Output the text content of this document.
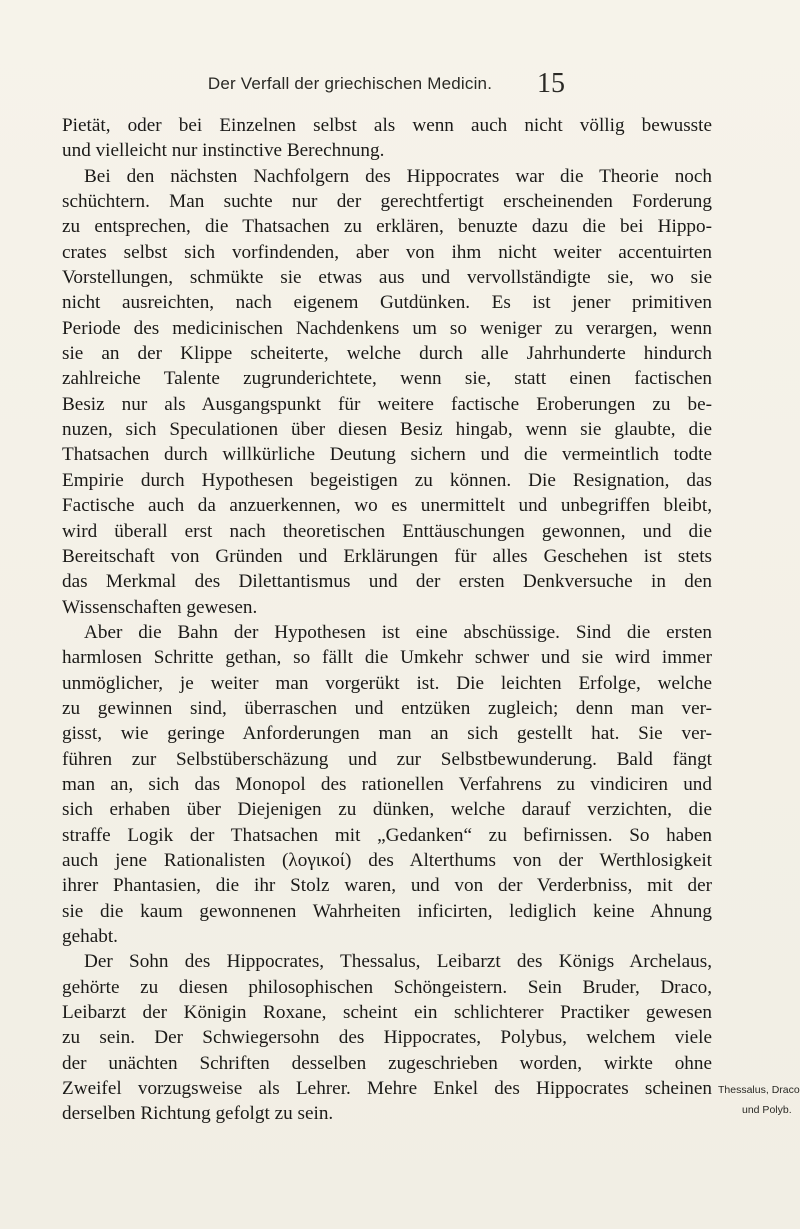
Der Verfall der griechischen Medicin. 15
Pietät, oder bei Einzelnen selbst als wenn auch nicht völlig bewusste
und vielleicht nur instinctive Berechnung.
Bei den nächsten Nachfolgern des Hippocrates war die Theorie noch
schüchtern. Man suchte nur der gerechtfertigt erscheinenden Forderung
zu entsprechen, die Thatsachen zu erklären, benuzte dazu die bei Hippo-
crates selbst sich vorfindenden, aber von ihm nicht weiter accentuirten
Vorstellungen, schmükte sie etwas aus und vervollständigte sie, wo sie
nicht ausreichten, nach eigenem Gutdünken. Es ist jener primitiven
Periode des medicinischen Nachdenkens um so weniger zu verargen, wenn
sie an der Klippe scheiterte, welche durch alle Jahrhunderte hindurch
zahlreiche Talente zugrunderichtete, wenn sie, statt einen factischen
Besiz nur als Ausgangspunkt für weitere factische Eroberungen zu be-
nuzen, sich Speculationen über diesen Besiz hingab, wenn sie glaubte, die
Thatsachen durch willkürliche Deutung sichern und die vermeintlich todte
Empirie durch Hypothesen begeistigen zu können. Die Resignation, das
Factische auch da anzuerkennen, wo es unermittelt und unbegriffen bleibt,
wird überall erst nach theoretischen Enttäuschungen gewonnen, und die
Bereitschaft von Gründen und Erklärungen für alles Geschehen ist stets
das Merkmal des Dilettantismus und der ersten Denkversuche in den
Wissenschaften gewesen.
Aber die Bahn der Hypothesen ist eine abschüssige. Sind die ersten
harmlosen Schritte gethan, so fällt die Umkehr schwer und sie wird immer
unmöglicher, je weiter man vorgerükt ist. Die leichten Erfolge, welche
zu gewinnen sind, überraschen und entzüken zugleich; denn man ver-
gisst, wie geringe Anforderungen man an sich gestellt hat. Sie ver-
führen zur Selbstüberschäzung und zur Selbstbewunderung. Bald fängt
man an, sich das Monopol des rationellen Verfahrens zu vindiciren und
sich erhaben über Diejenigen zu dünken, welche darauf verzichten, die
straffe Logik der Thatsachen mit „Gedanken“ zu befirnissen. So haben
auch jene Rationalisten (λογικοί) des Alterthums von der Werthlosigkeit
ihrer Phantasien, die ihr Stolz waren, und von der Verderbniss, mit der
sie die kaum gewonnenen Wahrheiten inficirten, lediglich keine Ahnung
gehabt.
Der Sohn des Hippocrates, Thessalus, Leibarzt des Königs Archelaus,
gehörte zu diesen philosophischen Schöngeistern. Sein Bruder, Draco,
Leibarzt der Königin Roxane, scheint ein schlichterer Practiker gewesen
zu sein. Der Schwiegersohn des Hippocrates, Polybus, welchem viele
der unächten Schriften desselben zugeschrieben worden, wirkte ohne
Zweifel vorzugsweise als Lehrer. Mehre Enkel des Hippocrates scheinen
derselben Richtung gefolgt zu sein.
Thessalus, Draco
und Polyb.
